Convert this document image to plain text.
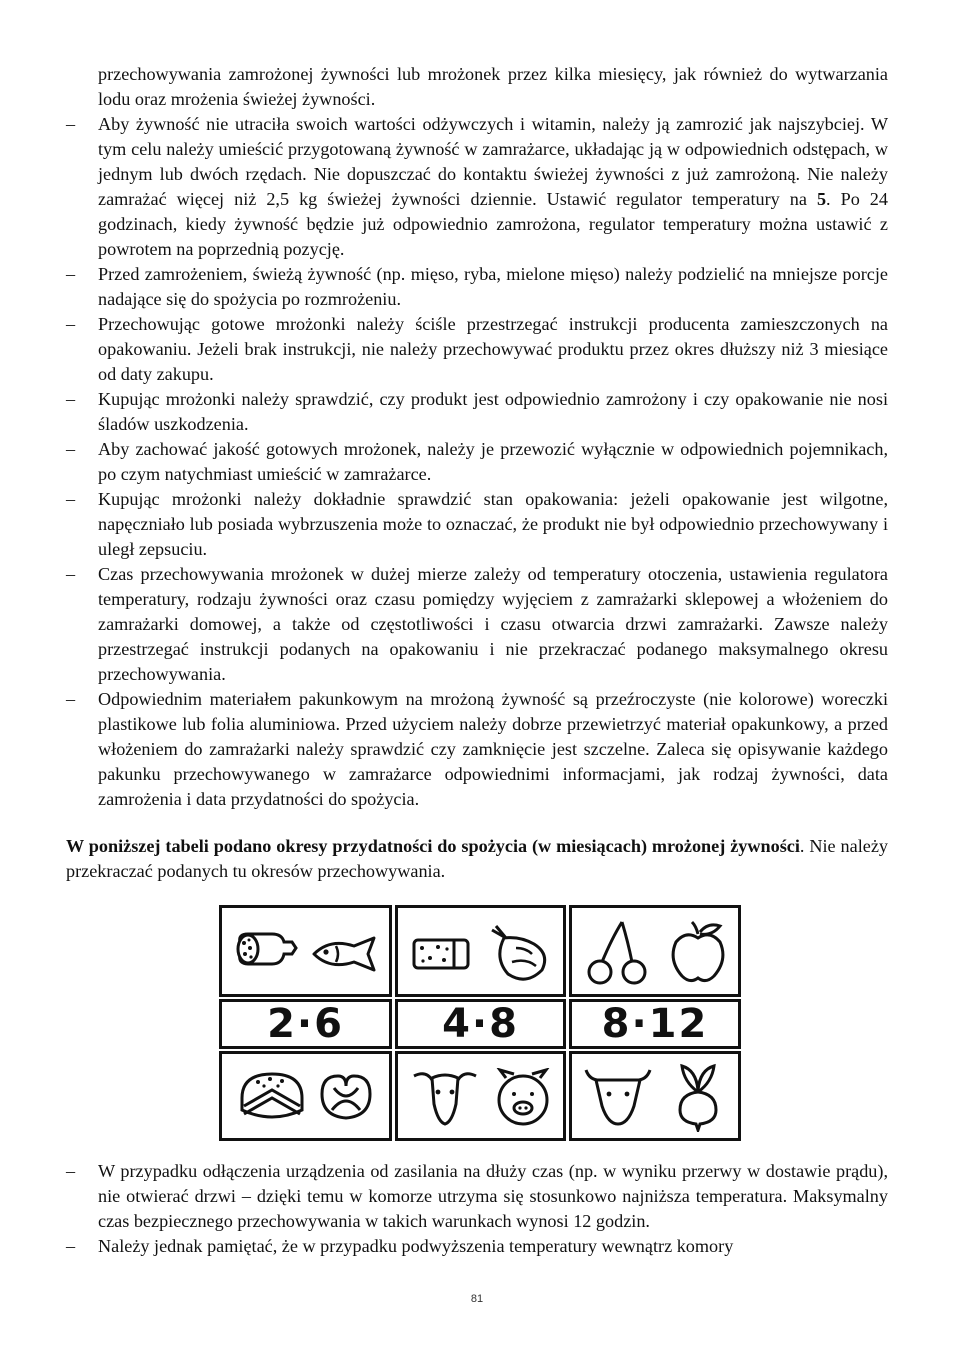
przechowywania zamrożonej żywności lub mrożonek przez kilka miesięcy, jak również do wytwarzania lodu oraz mrożenia świeżej żywności.
– Aby żywność nie utraciła swoich wartości odżywczych i witamin, należy ją zamrozić jak najszybciej. W tym celu należy umieścić przygotowaną żywność w zamrażarce, układając ją w odpowiednich odstępach, w jednym lub dwóch rzędach. Nie dopuszczać do kontaktu świeżej żywności z już zamrożoną. Nie należy zamrażać więcej niż 2,5 kg świeżej żywności dziennie. Ustawić regulator temperatury na 5. Po 24 godzinach, kiedy żywność będzie już odpowiednio zamrożona, regulator temperatury można ustawić z powrotem na poprzednią pozycję.
– Przed zamrożeniem, świeżą żywność (np. mięso, ryba, mielone mięso) należy podzielić na mniejsze porcje nadające się do spożycia po rozmrożeniu.
– Przechowując gotowe mrożonki należy ściśle przestrzegać instrukcji producenta zamieszczonych na opakowaniu. Jeżeli brak instrukcji, nie należy przechowywać produktu przez okres dłuższy niż 3 miesiące od daty zakupu.
– Kupując mrożonki należy sprawdzić, czy produkt jest odpowiednio zamrożony i czy opakowanie nie nosi śladów uszkodzenia.
– Aby zachować jakość gotowych mrożonek, należy je przewozić wyłącznie w odpowiednich pojemnikach, po czym natychmiast umieścić w zamrażarce.
– Kupując mrożonki należy dokładnie sprawdzić stan opakowania: jeżeli opakowanie jest wilgotne, napęczniało lub posiada wybrzuszenia może to oznaczać, że produkt nie był odpowiednio przechowywany i uległ zepsuciu.
– Czas przechowywania mrożonek w dużej mierze zależy od temperatury otoczenia, ustawienia regulatora temperatury, rodzaju żywności oraz czasu pomiędzy wyjęciem z zamrażarki sklepowej a włożeniem do zamrażarki domowej, a także od częstotliwości i czasu otwarcia drzwi zamrażarki. Zawsze należy przestrzegać instrukcji podanych na opakowaniu i nie przekraczać podanego maksymalnego okresu przechowywania.
– Odpowiednim materiałem pakunkowym na mrożoną żywność są przeźroczyste (nie kolorowe) woreczki plastikowe lub folia aluminiowa. Przed użyciem należy dobrze przewietrzyć materiał opakunkowy, a przed włożeniem do zamrażarki należy sprawdzić czy zamknięcie jest szczelne. Zaleca się opisywanie każdego pakunku przechowywanego w zamrażarce odpowiednimi informacjami, jak rodzaj żywności, data zamrożenia i data przydatności do spożycia.

W poniższej tabeli podano okresy przydatności do spożycia (w miesiącach) mrożonej żywności. Nie należy przekraczać podanych tu okresów przechowywania.

2·6	4·8	8·12
– W przypadku odłączenia urządzenia od zasilania na dłuży czas (np. w wyniku przerwy w dostawie prądu), nie otwierać drzwi – dzięki temu w komorze utrzyma się stosunkowo najniższa temperatura. Maksymalny czas bezpiecznego przechowywania w takich warunkach wynosi 12 godzin.
– Należy jednak pamiętać, że w przypadku podwyższenia temperatury wewnątrz komory
81
